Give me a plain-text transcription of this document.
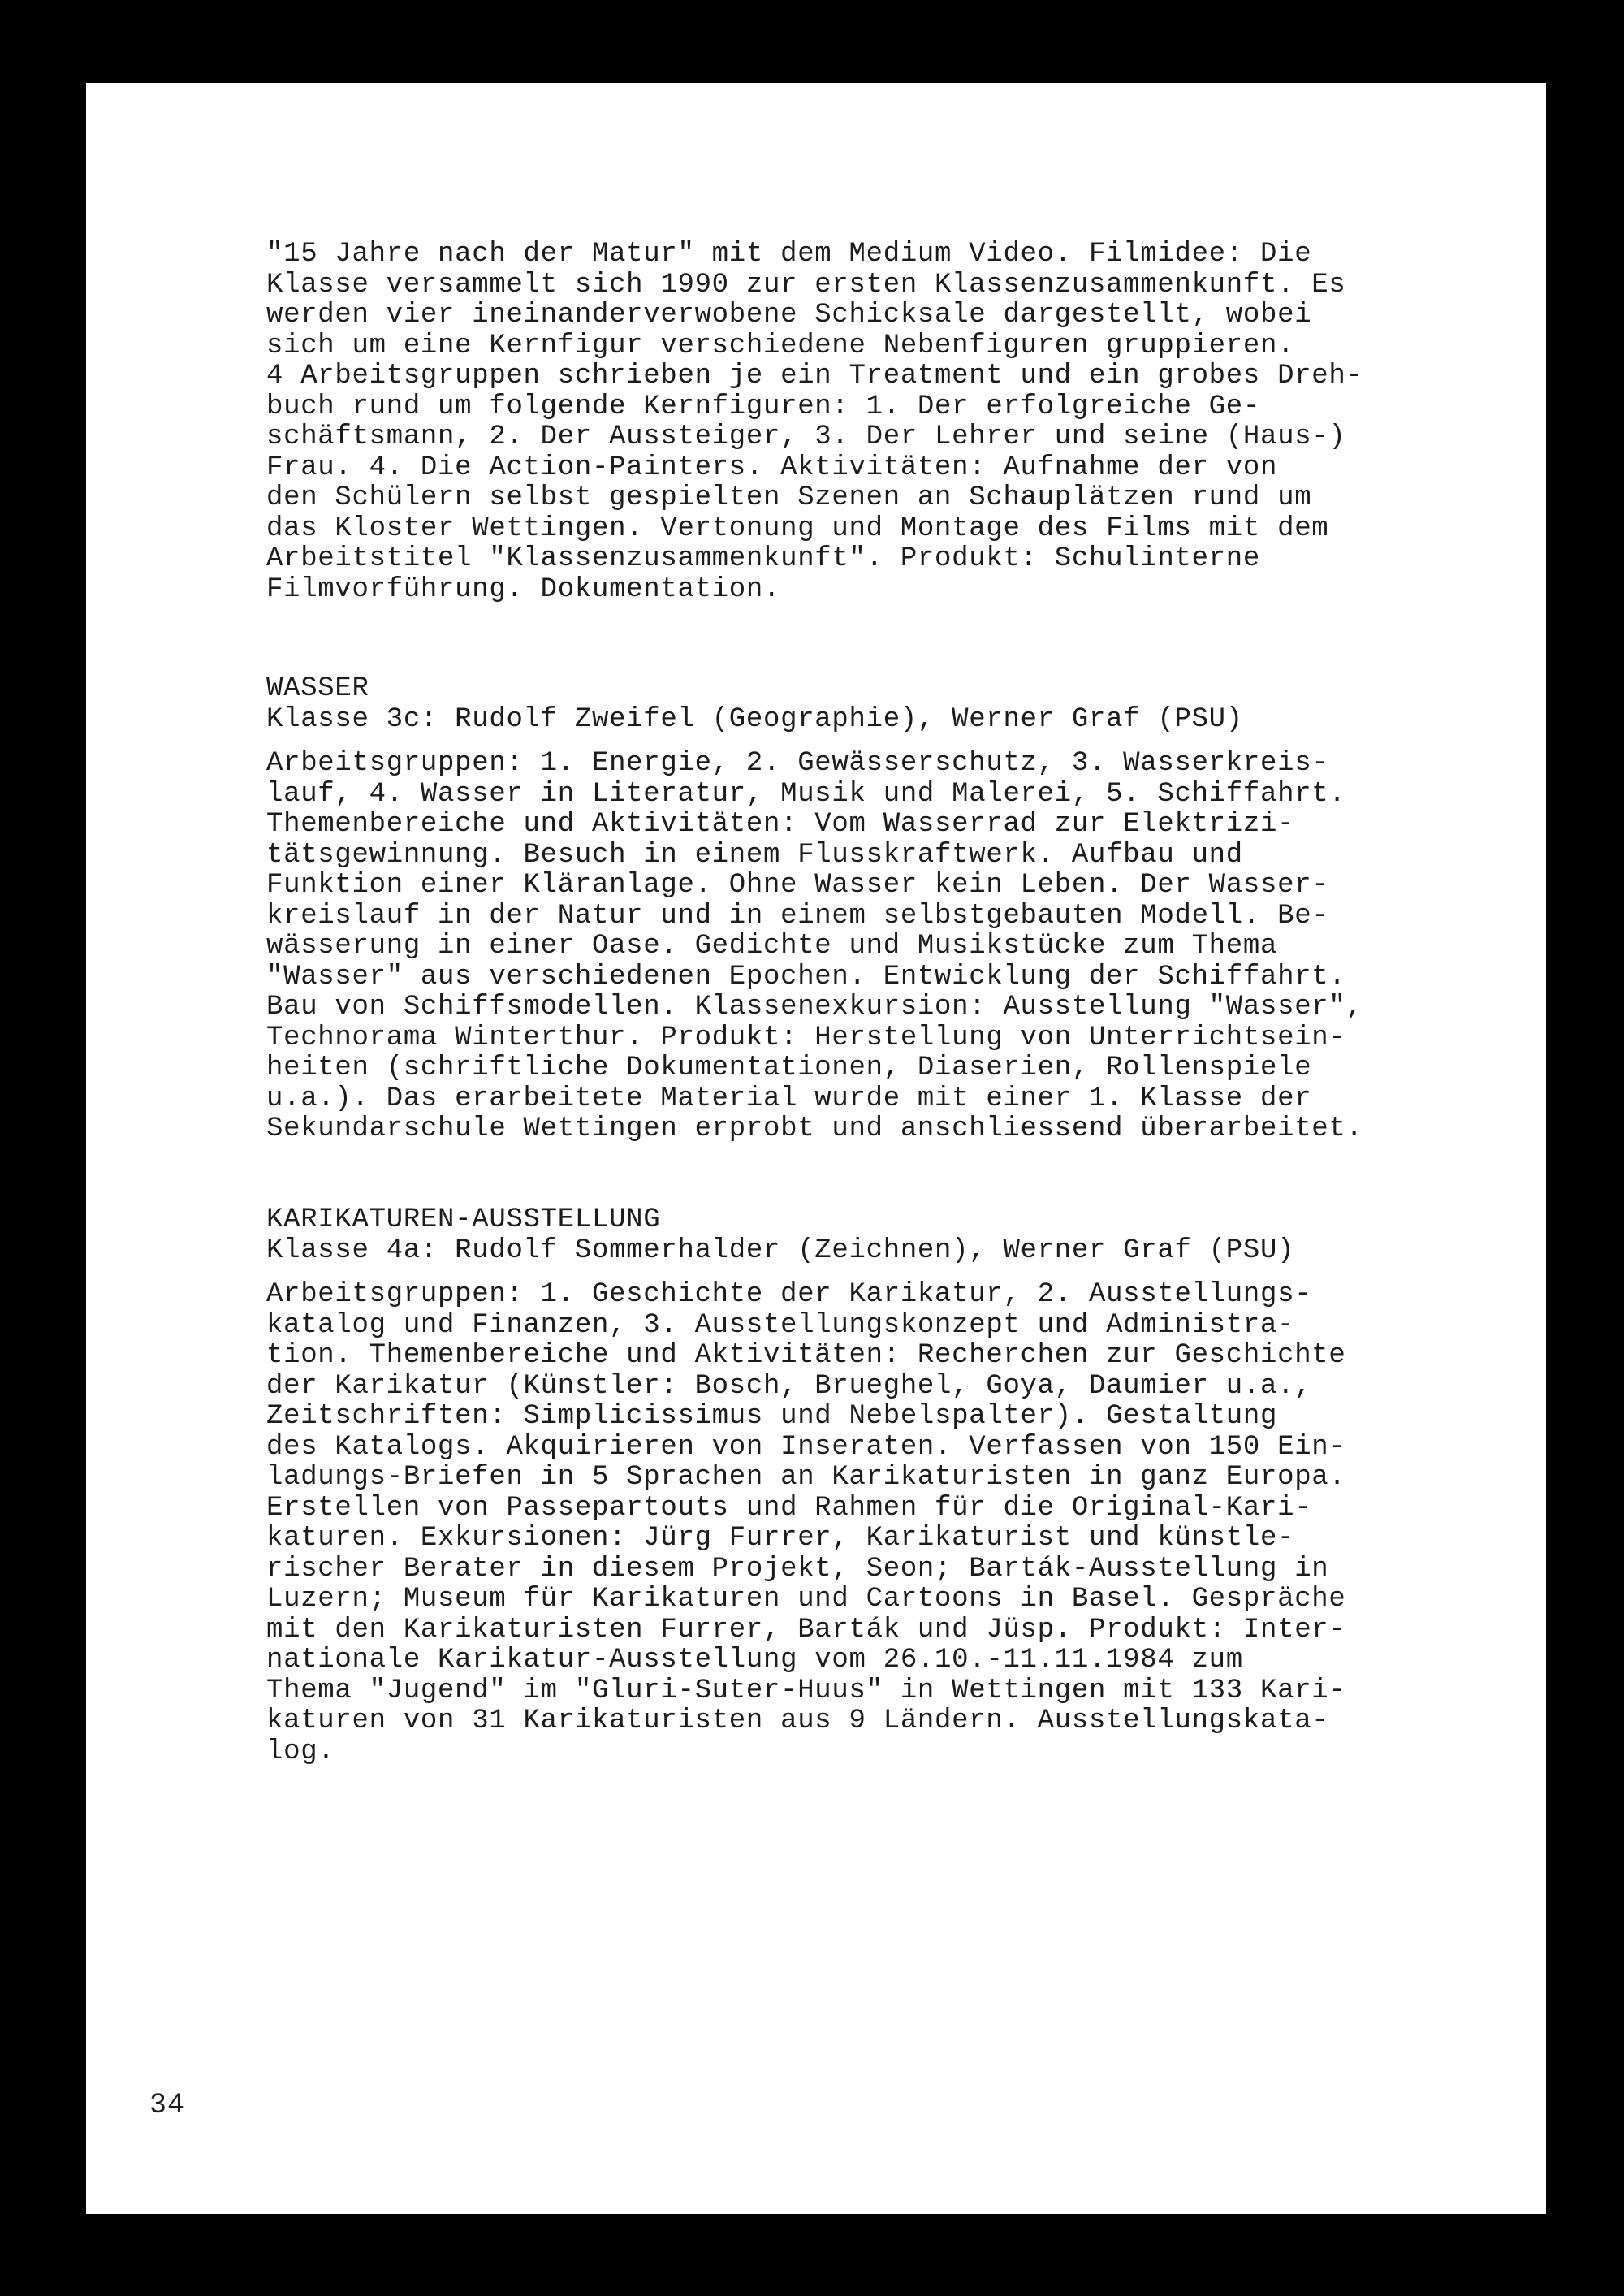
"15 Jahre nach der Matur" mit dem Medium Video. Filmidee: Die
Klasse versammelt sich 1990 zur ersten Klassenzusammenkunft. Es
werden vier ineinanderverwobene Schicksale dargestellt, wobei
sich um eine Kernfigur verschiedene Nebenfiguren gruppieren.
4 Arbeitsgruppen schrieben je ein Treatment und ein grobes Dreh-
buch rund um folgende Kernfiguren: 1. Der erfolgreiche Ge-
schäftsmann, 2. Der Aussteiger, 3. Der Lehrer und seine (Haus-)
Frau. 4. Die Action-Painters. Aktivitäten: Aufnahme der von
den Schülern selbst gespielten Szenen an Schauplätzen rund um
das Kloster Wettingen. Vertonung und Montage des Films mit dem
Arbeitstitel "Klassenzusammenkunft". Produkt: Schulinterne
Filmvorführung. Dokumentation.
WASSER
Klasse 3c: Rudolf Zweifel (Geographie), Werner Graf (PSU)
Arbeitsgruppen: 1. Energie, 2. Gewässerschutz, 3. Wasserkreis-
lauf, 4. Wasser in Literatur, Musik und Malerei, 5. Schiffahrt.
Themenbereiche und Aktivitäten: Vom Wasserrad zur Elektrizi-
tätsgewinnung. Besuch in einem Flusskraftwerk. Aufbau und
Funktion einer Kläranlage. Ohne Wasser kein Leben. Der Wasser-
kreislauf in der Natur und in einem selbstgebauten Modell. Be-
wässerung in einer Oase. Gedichte und Musikstücke zum Thema
"Wasser" aus verschiedenen Epochen. Entwicklung der Schiffahrt.
Bau von Schiffsmodellen. Klassenexkursion: Ausstellung "Wasser",
Technorama Winterthur. Produkt: Herstellung von Unterrichtsein-
heiten (schriftliche Dokumentationen, Diaserien, Rollenspiele
u.a.). Das erarbeitete Material wurde mit einer 1. Klasse der
Sekundarschule Wettingen erprobt und anschliessend überarbeitet.
KARIKATUREN-AUSSTELLUNG
Klasse 4a: Rudolf Sommerhalder (Zeichnen), Werner Graf (PSU)
Arbeitsgruppen: 1. Geschichte der Karikatur, 2. Ausstellungs-
katalog und Finanzen, 3. Ausstellungskonzept und Administra-
tion. Themenbereiche und Aktivitäten: Recherchen zur Geschichte
der Karikatur (Künstler: Bosch, Brueghel, Goya, Daumier u.a.,
Zeitschriften: Simplicissimus und Nebelspalter). Gestaltung
des Katalogs. Akquirieren von Inseraten. Verfassen von 150 Ein-
ladungs-Briefen in 5 Sprachen an Karikaturisten in ganz Europa.
Erstellen von Passepartouts und Rahmen für die Original-Kari-
katuren. Exkursionen: Jürg Furrer, Karikaturist und künstle-
rischer Berater in diesem Projekt, Seon; Barták-Ausstellung in
Luzern; Museum für Karikaturen und Cartoons in Basel. Gespräche
mit den Karikaturisten Furrer, Barták und Jüsp. Produkt: Inter-
nationale Karikatur-Ausstellung vom 26.10.-11.11.1984 zum
Thema "Jugend" im "Gluri-Suter-Huus" in Wettingen mit 133 Kari-
katuren von 31 Karikaturisten aus 9 Ländern. Ausstellungskata-
log.
34
